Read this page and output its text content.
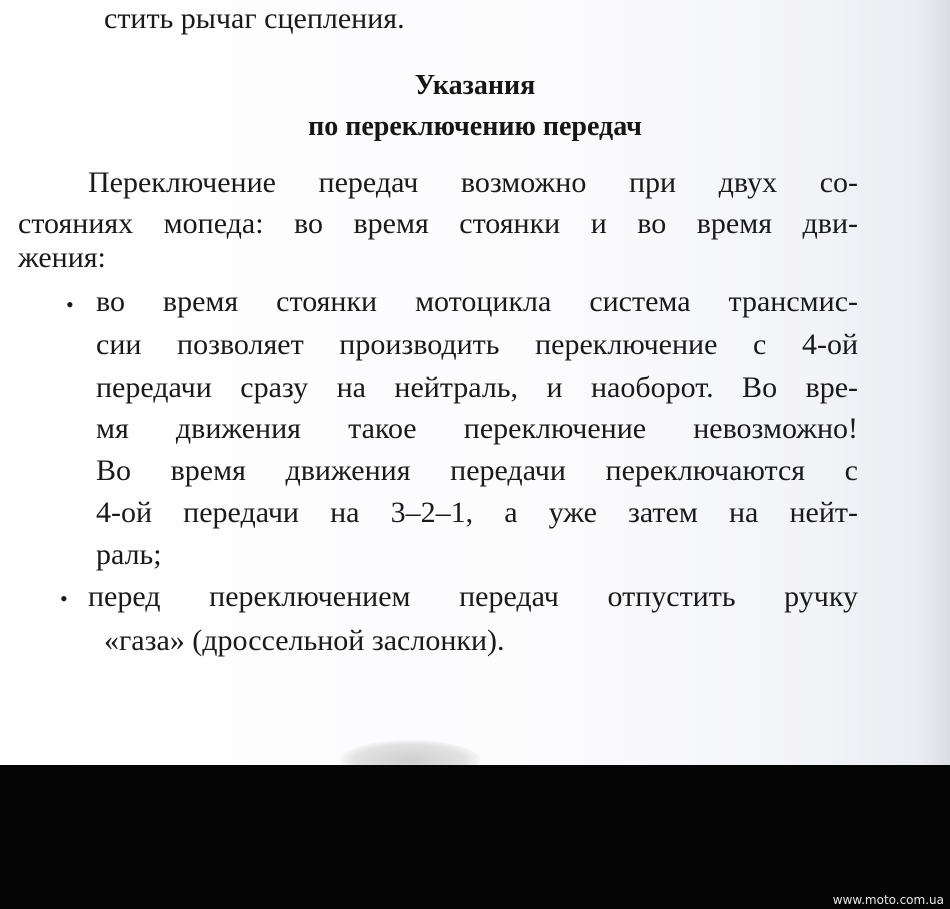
стить рычаг сцепления.
Указания
по переключению передач
Переключение передач возможно при двух со-
стояниях мопеда: во время стоянки и во время дви-
жения:
• во время стоянки мотоцикла система трансмис-
сии позволяет производить переключение с 4-ой
передачи сразу на нейтраль, и наоборот. Во вре-
мя движения такое переключение невозможно!
Во время движения передачи переключаются с
4-ой передачи на 3–2–1, а уже затем на нейт-
раль;
• перед переключением передач отпустить ручку
«газа» (дроссельной заслонки).
www.moto.com.ua
